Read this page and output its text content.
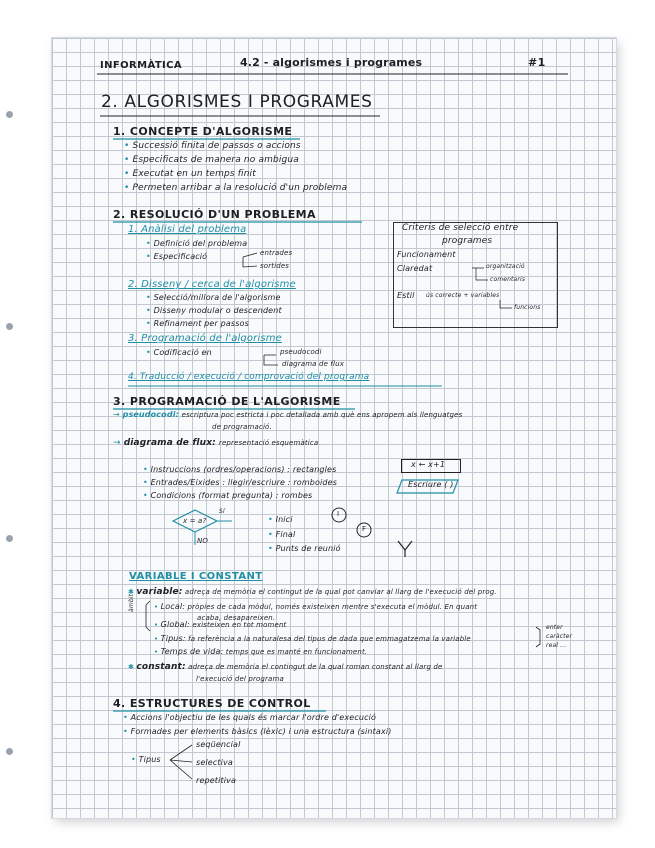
INFORMÀTICA	4.2 - algorismes i programes	#1
2. ALGORISMES I PROGRAMES
1. CONCEPTE D'ALGORISME
• Successió finita de passos o accions
• Especificats de manera no ambigua
• Executat en un temps finit
• Permeten arribar a la resolució d'un problema
2. RESOLUCIÓ D'UN PROBLEMA
1. Anàlisi del problema
• Definició del problema
• Especificació	entrades
sortides
2. Disseny / cerca de l'algorisme
• Selecció/millora de l'algorisme
• Disseny modular o descendent
• Refinament per passos
3. Programació de l'algorisme
• Codificació en	pseudocodi
diagrama de flux
4. Traducció / execució / comprovació del programa
Criteris de selecció entre
programes
Funcionament
Claredat	organització
comentaris
Estil ús correcte + variables
funcions
3. PROGRAMACIÓ DE L'ALGORISME
→ pseudocodi: escriptura poc estricta i poc detallada amb què ens apropem als llenguatges
de programació.
→ diagrama de flux: representació esquemàtica
• Instruccions (ordres/operacions) : rectangles
• Entrades/Eixides : llegir/escriure : romboides
• Condicions (format pregunta) : rombes
x ← x+1
Escriure ( )
x = a?
Sí
NO
• Inici
• Final
• Punts de reunió
I
F
VARIABLE I CONSTANT
✱ variable: adreça de memòria el contingut de la qual pot canviar al llarg de l'execució del prog.
àmbit	• Local: pròpies de cada mòdul, només existeixen mentre s'executa el mòdul. En quant
acaba, desapareixen.
• Global: existeixen en tot moment
• Tipus: fa referència a la naturalesa del tipus de dada que emmagatzema la variable
enter
caràcter
real ...
• Temps de vida: temps que es manté en funcionament.
✱ constant: adreça de memòria el contingut de la qual roman constant al llarg de
l'execució del programa
4. ESTRUCTURES DE CONTROL
• Accions l'objectiu de les quals és marcar l'ordre d'execució
• Formades per elements bàsics (lèxic) i una estructura (sintaxi)
• Tipus
seqüencial
selectiva
repetitiva
